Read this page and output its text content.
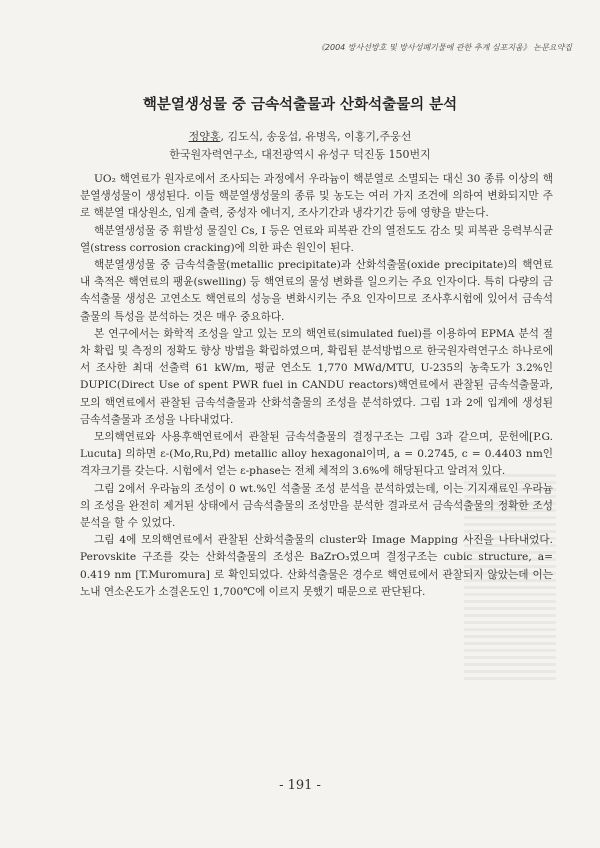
《2004 방사선방호 및 방사성폐기물에 관한 추계 심포지움》 논문요약집
핵분열생성물 중 금속석출물과 산화석출물의 분석
정양홍, 김도식, 송웅섭, 유병옥, 이홍기,주웅선
한국원자력연구소, 대전광역시 유성구 덕진동 150번지

UO₂ 핵연료가 원자로에서 조사되는 과정에서 우라늄이 핵분열로 소멸되는 대신 30 종류 이상의 핵분열생성물이 생성된다. 이들 핵분열생성물의 종류 및 농도는 여러 가지 조건에 의하여 변화되지만 주로 핵분열 대상원소, 임계 출력, 중성자 에너지, 조사기간과 냉각기간 등에 영향을 받는다.

핵분열생성물 중 휘발성 물질인 Cs, I 등은 연료와 피복관 간의 열전도도 감소 및 피복관 응력부식균열(stress corrosion cracking)에 의한 파손 원인이 된다.

핵분열생성물 중 금속석출물(metallic precipitate)과 산화석출물(oxide precipitate)의 핵연료 내 축적은 핵연료의 팽윤(swelling) 등 핵연료의 물성 변화를 일으키는 주요 인자이다. 특히 다량의 금속석출물 생성은 고연소도 핵연료의 성능을 변화시키는 주요 인자이므로 조사후시험에 있어서 금속석출물의 특성을 분석하는 것은 매우 중요하다.

본 연구에서는 화학적 조성을 알고 있는 모의 핵연료(simulated fuel)를 이용하여 EPMA 분석 절차 확립 및 측정의 정확도 향상 방법을 확립하였으며, 확립된 분석방법으로 한국원자력연구소 하나로에서 조사한 최대 선출력 61 kW/m, 평균 연소도 1,770 MWd/MTU, U-235의 농축도가 3.2%인 DUPIC(Direct Use of spent PWR fuel in CANDU reactors)핵연료에서 관찰된 금속석출물과, 모의 핵연료에서 관찰된 금속석출물과 산화석출물의 조성을 분석하였다. 그림 1과 2에 입계에 생성된 금속석출물과 조성을 나타내었다.

모의핵연료와 사용후핵연료에서 관찰된 금속석출물의 결정구조는 그림 3과 같으며, 문헌에[P.G. Lucuta] 의하면 ε-(Mo,Ru,Pd) metallic alloy hexagonal이며, a = 0.2745, c = 0.4403 nm인 격자크기를 갖는다. 시험에서 얻는 ε-phase는 전체 체적의 3.6%에 해당된다고 알려져 있다.

그림 2에서 우라늄의 조성이 0 wt.%인 석출물 조성 분석을 분석하였는데, 이는 기지재료인 우라늄의 조성을 완전히 제거된 상태에서 금속석출물의 조성만을 분석한 결과로서 금속석출물의 정확한 조성 분석을 할 수 있었다.

그림 4에 모의핵연료에서 관찰된 산화석출물의 cluster와 Image Mapping 사진을 나타내었다. Perovskite 구조를 갖는 산화석출물의 조성은 BaZrO₃였으며 결정구조는 cubic structure, a= 0.419 nm [T.Muromura] 로 확인되었다. 산화석출물은 경수로 핵연료에서 관찰되지 않았는데 이는 노내 연소온도가 소결온도인 1,700℃에 이르지 못했기 때문으로 판단된다.

- 191 -
